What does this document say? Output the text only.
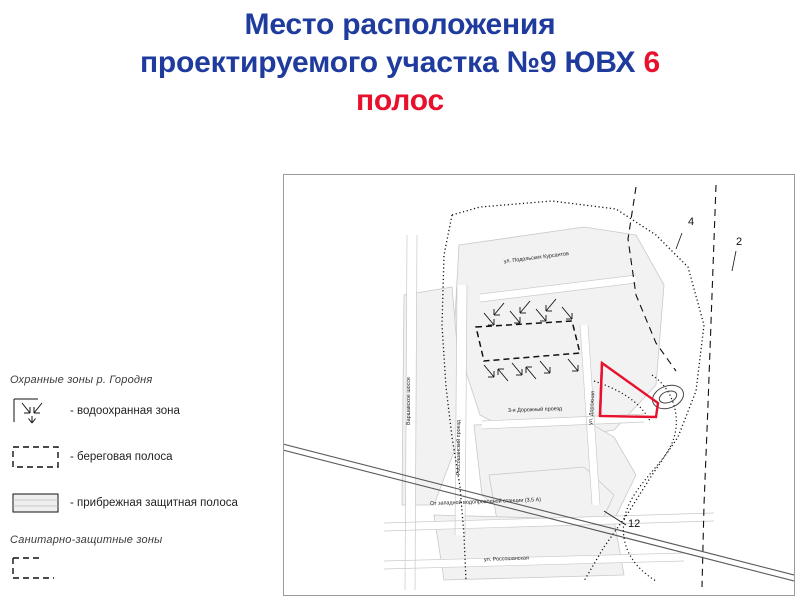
Место расположения
проектируемого участка №9 ЮВХ 6
полос
Охранные зоны р. Городня
- водоохранная зона
- береговая полоса
- прибрежная защитная полоса
Санитарно-защитные зоны
ул. Подольских Курсантов
3-я Дорожный проезд
Варшавское шоссе
Россошанский проезд
ул. Дорожная
От западной водопроводной станции (3,5 А)
ул. Россошанская
4
2
12
